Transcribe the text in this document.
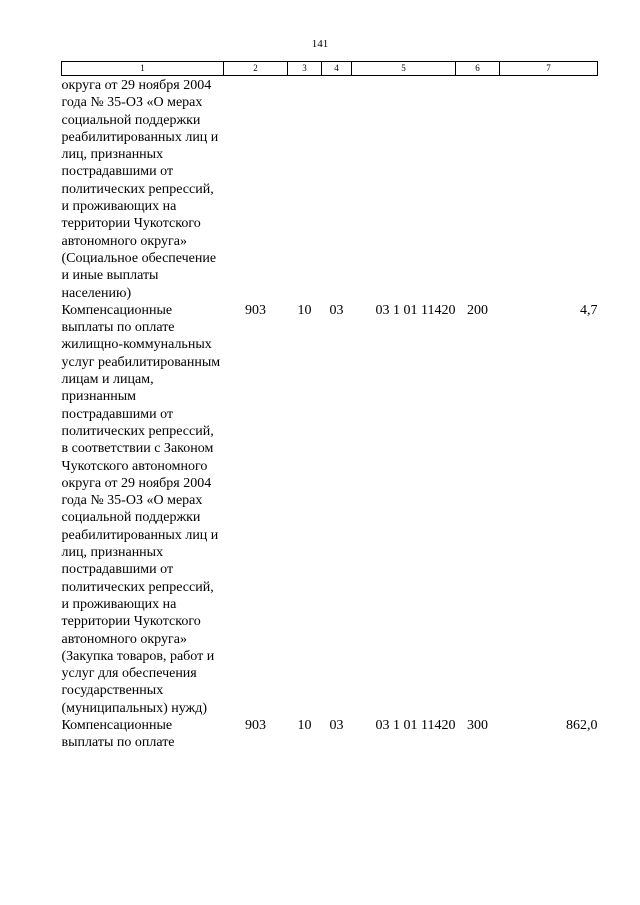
141
1	2	3	4	5	6	7
округа от 29 ноября 2004 года № 35-ОЗ «О мерах социальной поддержки реабилитированных лиц и лиц, признанных пострадавшими от политических репрессий, и проживающих на территории Чукотского автономного округа» (Социальное обеспечение и иные выплаты населению)						
Компенсационные выплаты по оплате жилищно-коммунальных услуг реабилитированным лицам и лицам, признанным пострадавшими от политических репрессий, в соответствии с Законом Чукотского автономного округа от 29 ноября 2004 года № 35-ОЗ «О мерах социальной поддержки реабилитированных лиц и лиц, признанных пострадавшими от политических репрессий, и проживающих на территории Чукотского автономного округа» (Закупка товаров, работ и услуг для обеспечения государственных (муниципальных) нужд)	903	10	03	03 1 01 11420	200	4,7
Компенсационные выплаты по оплате	903	10	03	03 1 01 11420	300	862,0
